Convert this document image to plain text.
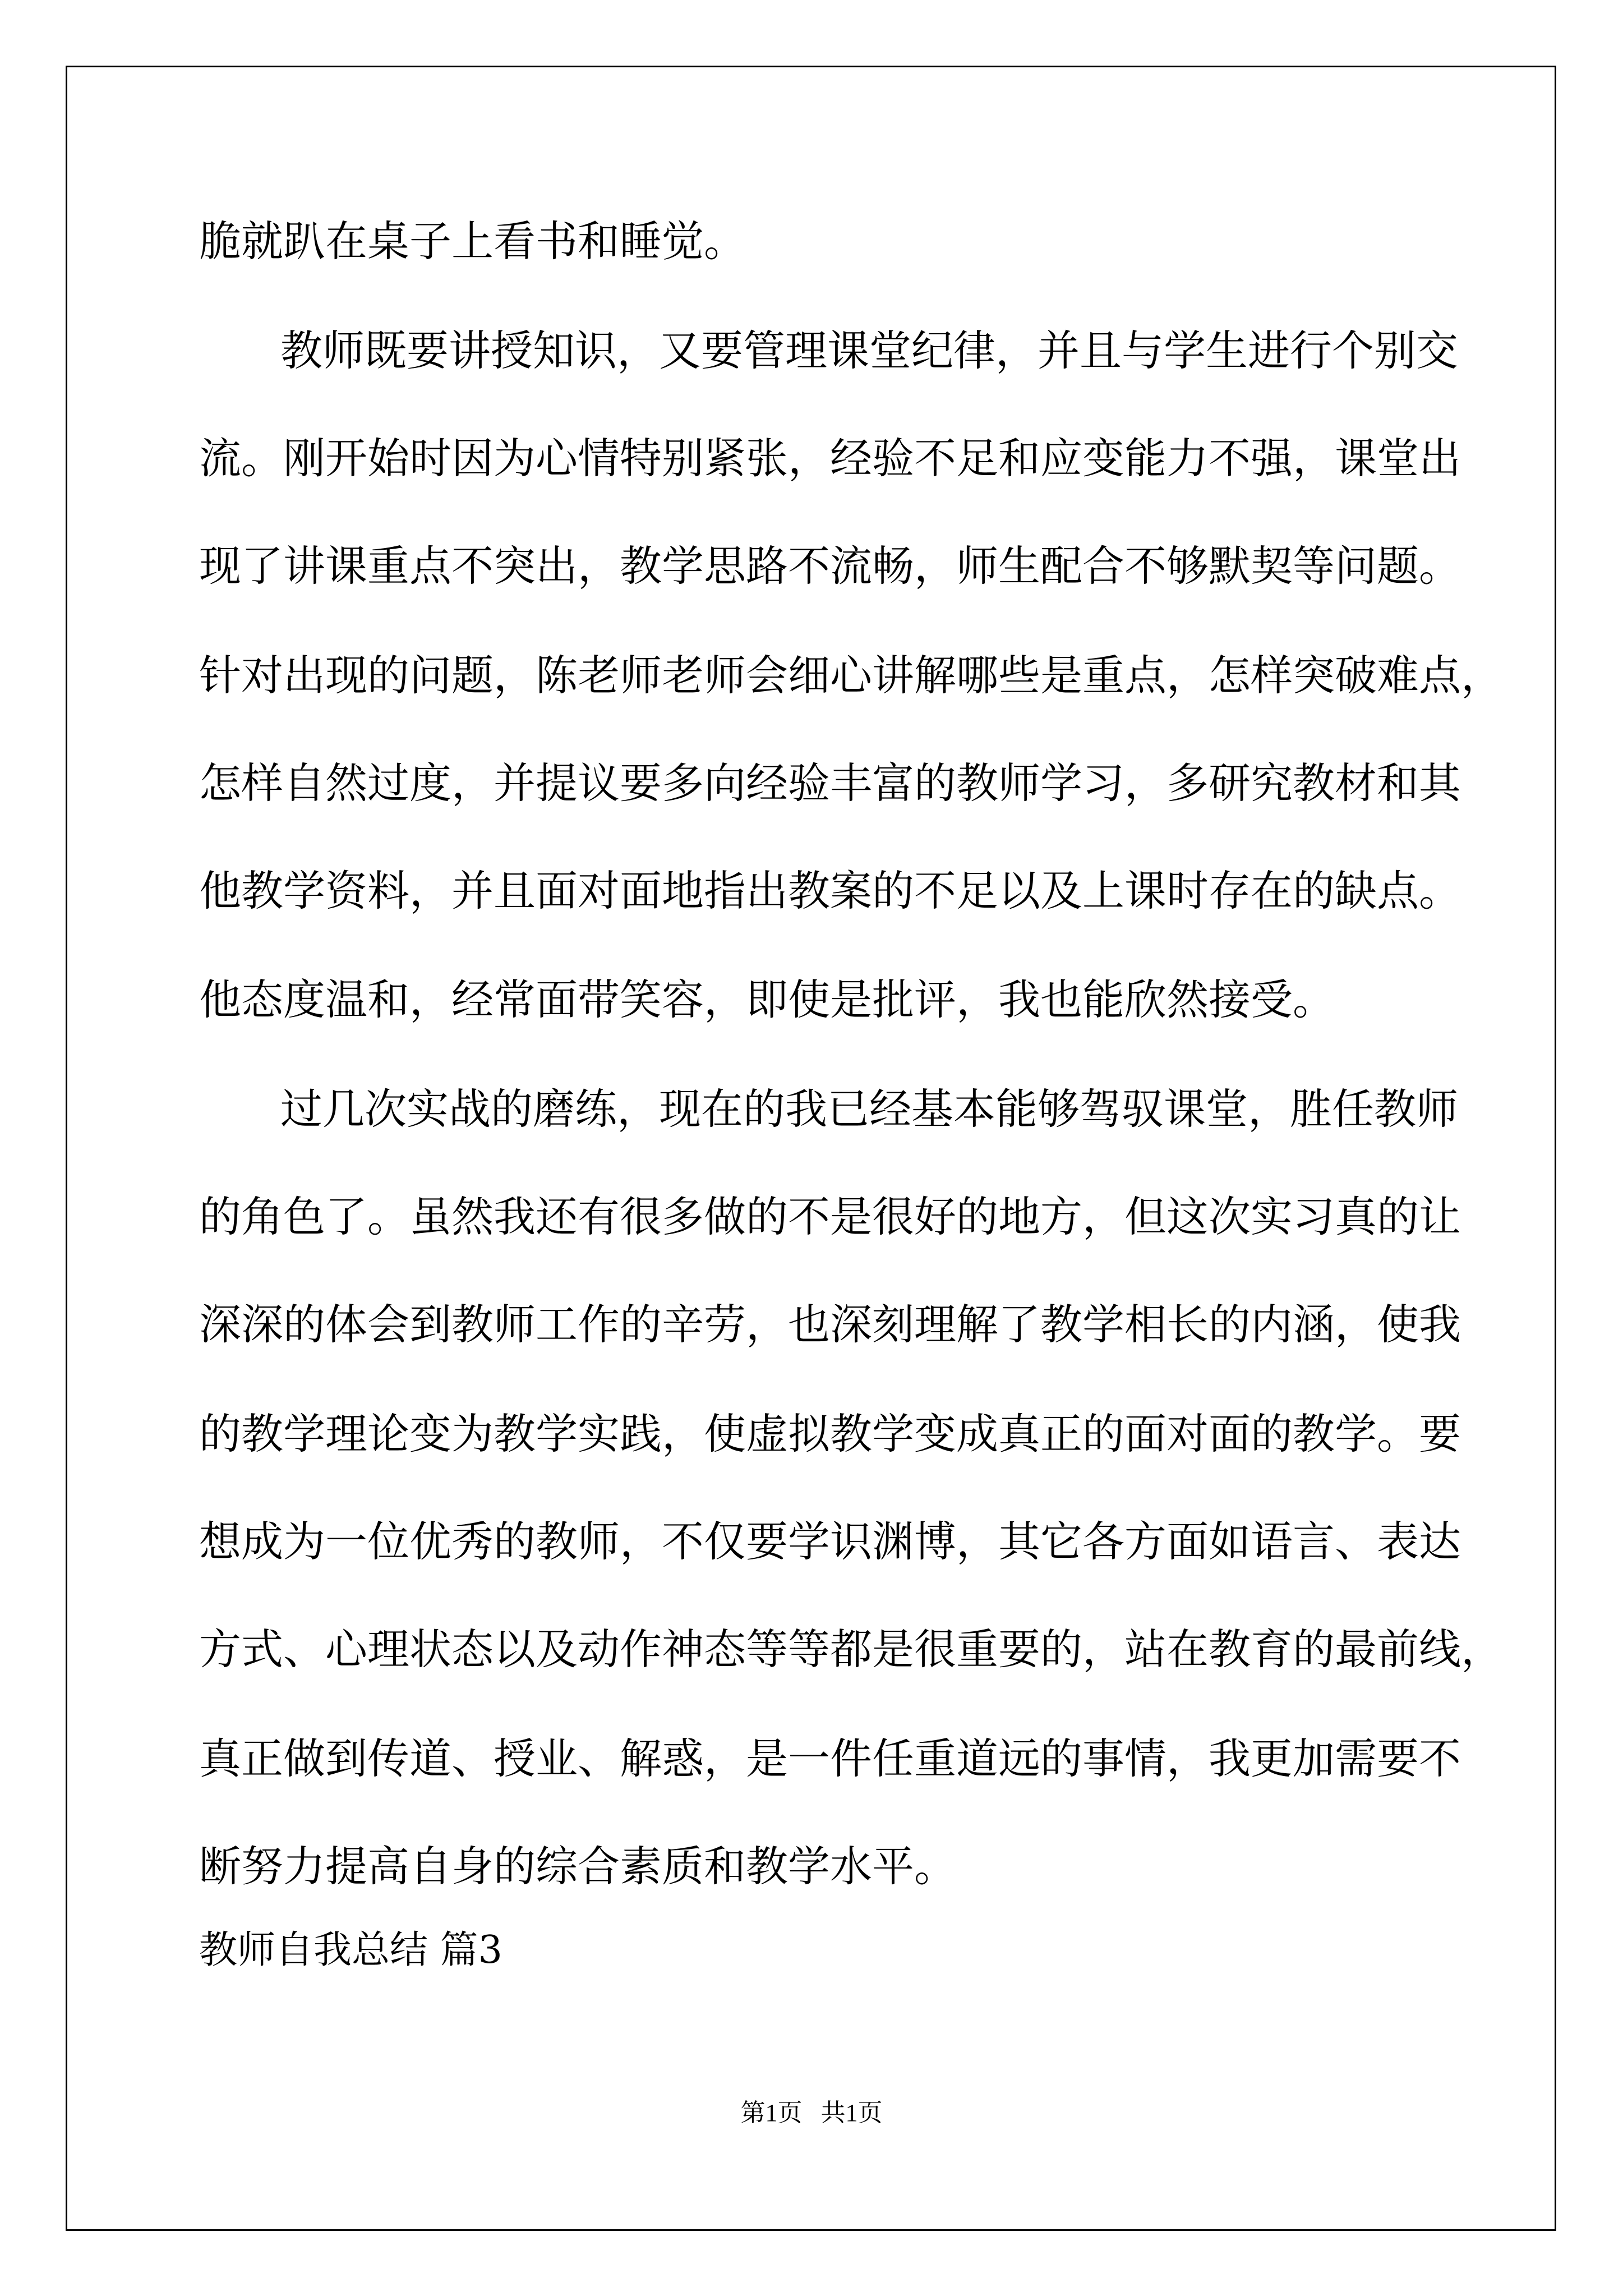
脆就趴在桌子上看书和睡觉。

教师既要讲授知识，又要管理课堂纪律，并且与学生进行个别交

流。刚开始时因为心情特别紧张，经验不足和应变能力不强，课堂出

现了讲课重点不突出，教学思路不流畅，师生配合不够默契等问题。

针对出现的问题，陈老师老师会细心讲解哪些是重点，怎样突破难点，

怎样自然过度，并提议要多向经验丰富的教师学习，多研究教材和其

他教学资料，并且面对面地指出教案的不足以及上课时存在的缺点。

他态度温和，经常面带笑容，即使是批评，我也能欣然接受。

过几次实战的磨练，现在的我已经基本能够驾驭课堂，胜任教师

的角色了。虽然我还有很多做的不是很好的地方，但这次实习真的让

深深的体会到教师工作的辛劳，也深刻理解了教学相长的内涵，使我

的教学理论变为教学实践，使虚拟教学变成真正的面对面的教学。要

想成为一位优秀的教师，不仅要学识渊博，其它各方面如语言、表达

方式、心理状态以及动作神态等等都是很重要的，站在教育的最前线，

真正做到传道、授业、解惑，是一件任重道远的事情，我更加需要不

断努力提高自身的综合素质和教学水平。

教师自我总结 篇3
第1页   共1页
